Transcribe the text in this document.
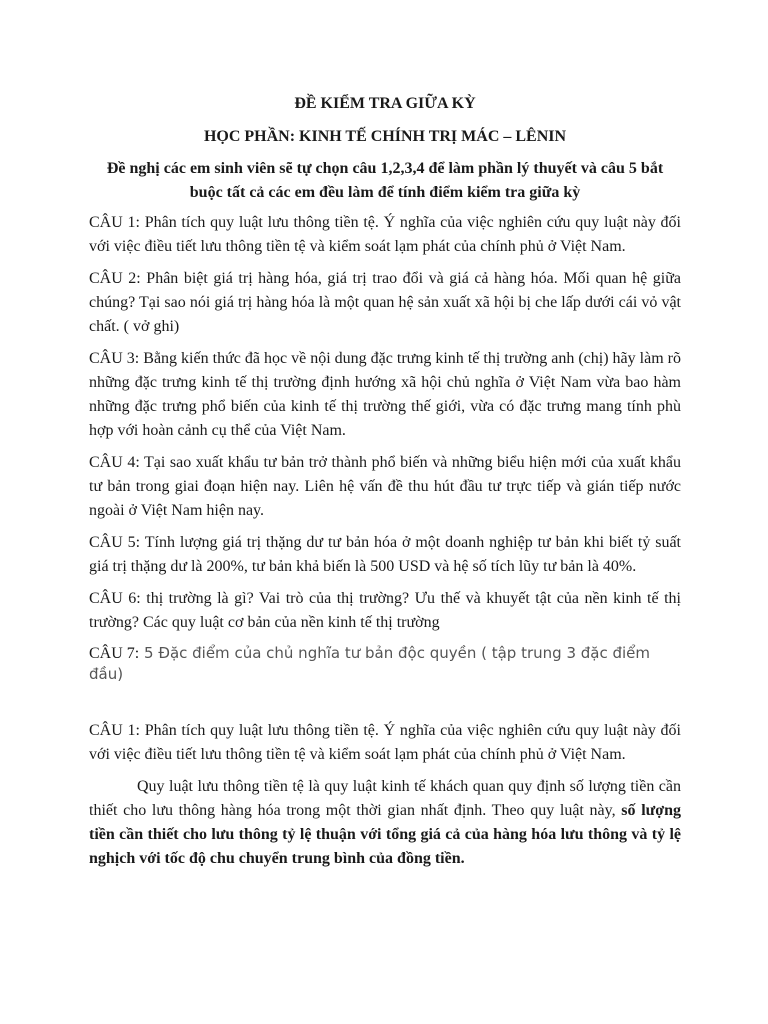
ĐỀ KIỂM TRA GIỮA KỲ
HỌC PHẦN: KINH TẾ CHÍNH TRỊ MÁC – LÊNIN
Đề nghị các em sinh viên sẽ tự chọn câu 1,2,3,4 để làm phần lý thuyết và câu 5 bắt buộc tất cả các em đều làm để tính điểm kiểm tra giữa kỳ

CÂU 1: Phân tích quy luật lưu thông tiền tệ. Ý nghĩa của việc nghiên cứu quy luật này đối với việc điều tiết lưu thông tiền tệ và kiểm soát lạm phát của chính phủ ở Việt Nam.

CÂU 2: Phân biệt giá trị hàng hóa, giá trị trao đổi và giá cả hàng hóa. Mối quan hệ giữa chúng? Tại sao nói giá trị hàng hóa là một quan hệ sản xuất xã hội bị che lấp dưới cái vỏ vật chất. ( vở ghi)

CÂU 3: Bằng kiến thức đã học về nội dung đặc trưng kinh tế thị trường anh (chị) hãy làm rõ những đặc trưng kinh tế thị trường định hướng xã hội chủ nghĩa ở Việt Nam vừa bao hàm những đặc trưng phổ biến của kinh tế thị trường thế giới, vừa có đặc trưng mang tính phù hợp với hoàn cảnh cụ thể của Việt Nam.

CÂU 4: Tại sao xuất khẩu tư bản trở thành phổ biến và những biểu hiện mới của xuất khẩu tư bản trong giai đoạn hiện nay. Liên hệ vấn đề thu hút đầu tư trực tiếp và gián tiếp nước ngoài ở Việt Nam hiện nay.

CÂU 5: Tính lượng giá trị thặng dư tư bản hóa ở một doanh nghiệp tư bản khi biết tỷ suất giá trị thặng dư là 200%, tư bản khả biến là 500 USD và hệ số tích lũy tư bản là 40%.

CÂU 6: thị trường là gì? Vai trò của thị trường? Ưu thế và khuyết tật của nền kinh tế thị trường? Các quy luật cơ bản của nền kinh tế thị trường

CÂU 7: 5 Đặc điểm của chủ nghĩa tư bản độc quyền ( tập trung 3 đặc điểm đầu)

CÂU 1: Phân tích quy luật lưu thông tiền tệ. Ý nghĩa của việc nghiên cứu quy luật này đối với việc điều tiết lưu thông tiền tệ và kiểm soát lạm phát của chính phủ ở Việt Nam.

Quy luật lưu thông tiền tệ là quy luật kinh tế khách quan quy định số lượng tiền cần thiết cho lưu thông hàng hóa trong một thời gian nhất định. Theo quy luật này, số lượng tiền cần thiết cho lưu thông tỷ lệ thuận với tổng giá cả của hàng hóa lưu thông và tỷ lệ nghịch với tốc độ chu chuyển trung bình của đồng tiền.
